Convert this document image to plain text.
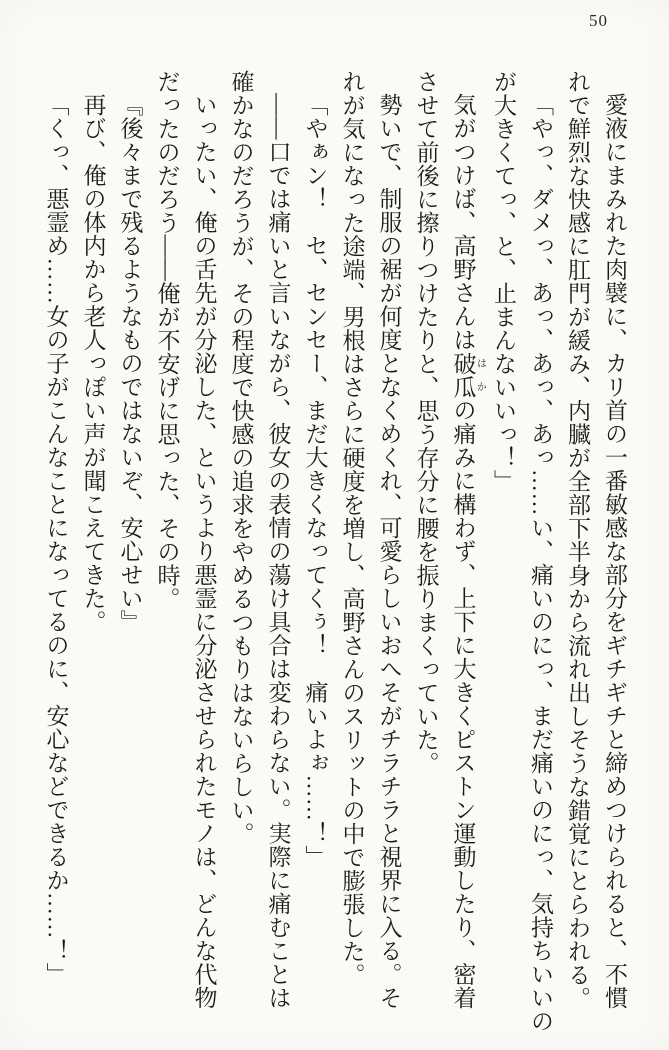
50
愛液にまみれた肉襞に、カリ首の一番敏感な部分をギチギチと締めつけられると、不慣
れで鮮烈な快感に肛門が緩み、内臓が全部下半身から流れ出しそうな錯覚にとらわれる。
「やっ、ダメっ、あっ、あっ、あっ……い、痛いのにっ、まだ痛いのにっ、気持ちいいの
が大きくてっ、と、止まんないいっ！」
気がつけば、高野さんは破瓜 はかの痛みに構わず、上下に大きくピストン運動したり、密着
させて前後に擦りつけたりと、思う存分に腰を振りまくっていた。
勢いで、制服の裾が何度となくめくれ、可愛らしいおへそがチラチラと視界に入る。そ
れが気になった途端、男根はさらに硬度を増し、高野さんのスリットの中で膨張した。
「やぁン！　セ、センセー、まだ大きくなってくぅ！　痛いよぉ……！」
――口では痛いと言いながら、彼女の表情の蕩け具合は変わらない。実際に痛むことは
確かなのだろうが、その程度で快感の追求をやめるつもりはないらしい。
いったい、俺の舌先が分泌した、というより悪霊に分泌させられたモノは、どんな代物
だったのだろう――俺が不安げに思った、その時。
『後々まで残るようなものではないぞ、安心せい』
再び、俺の体内から老人っぽい声が聞こえてきた。
「くっ、悪霊め……女の子がこんなことになってるのに、安心などできるか……！」
